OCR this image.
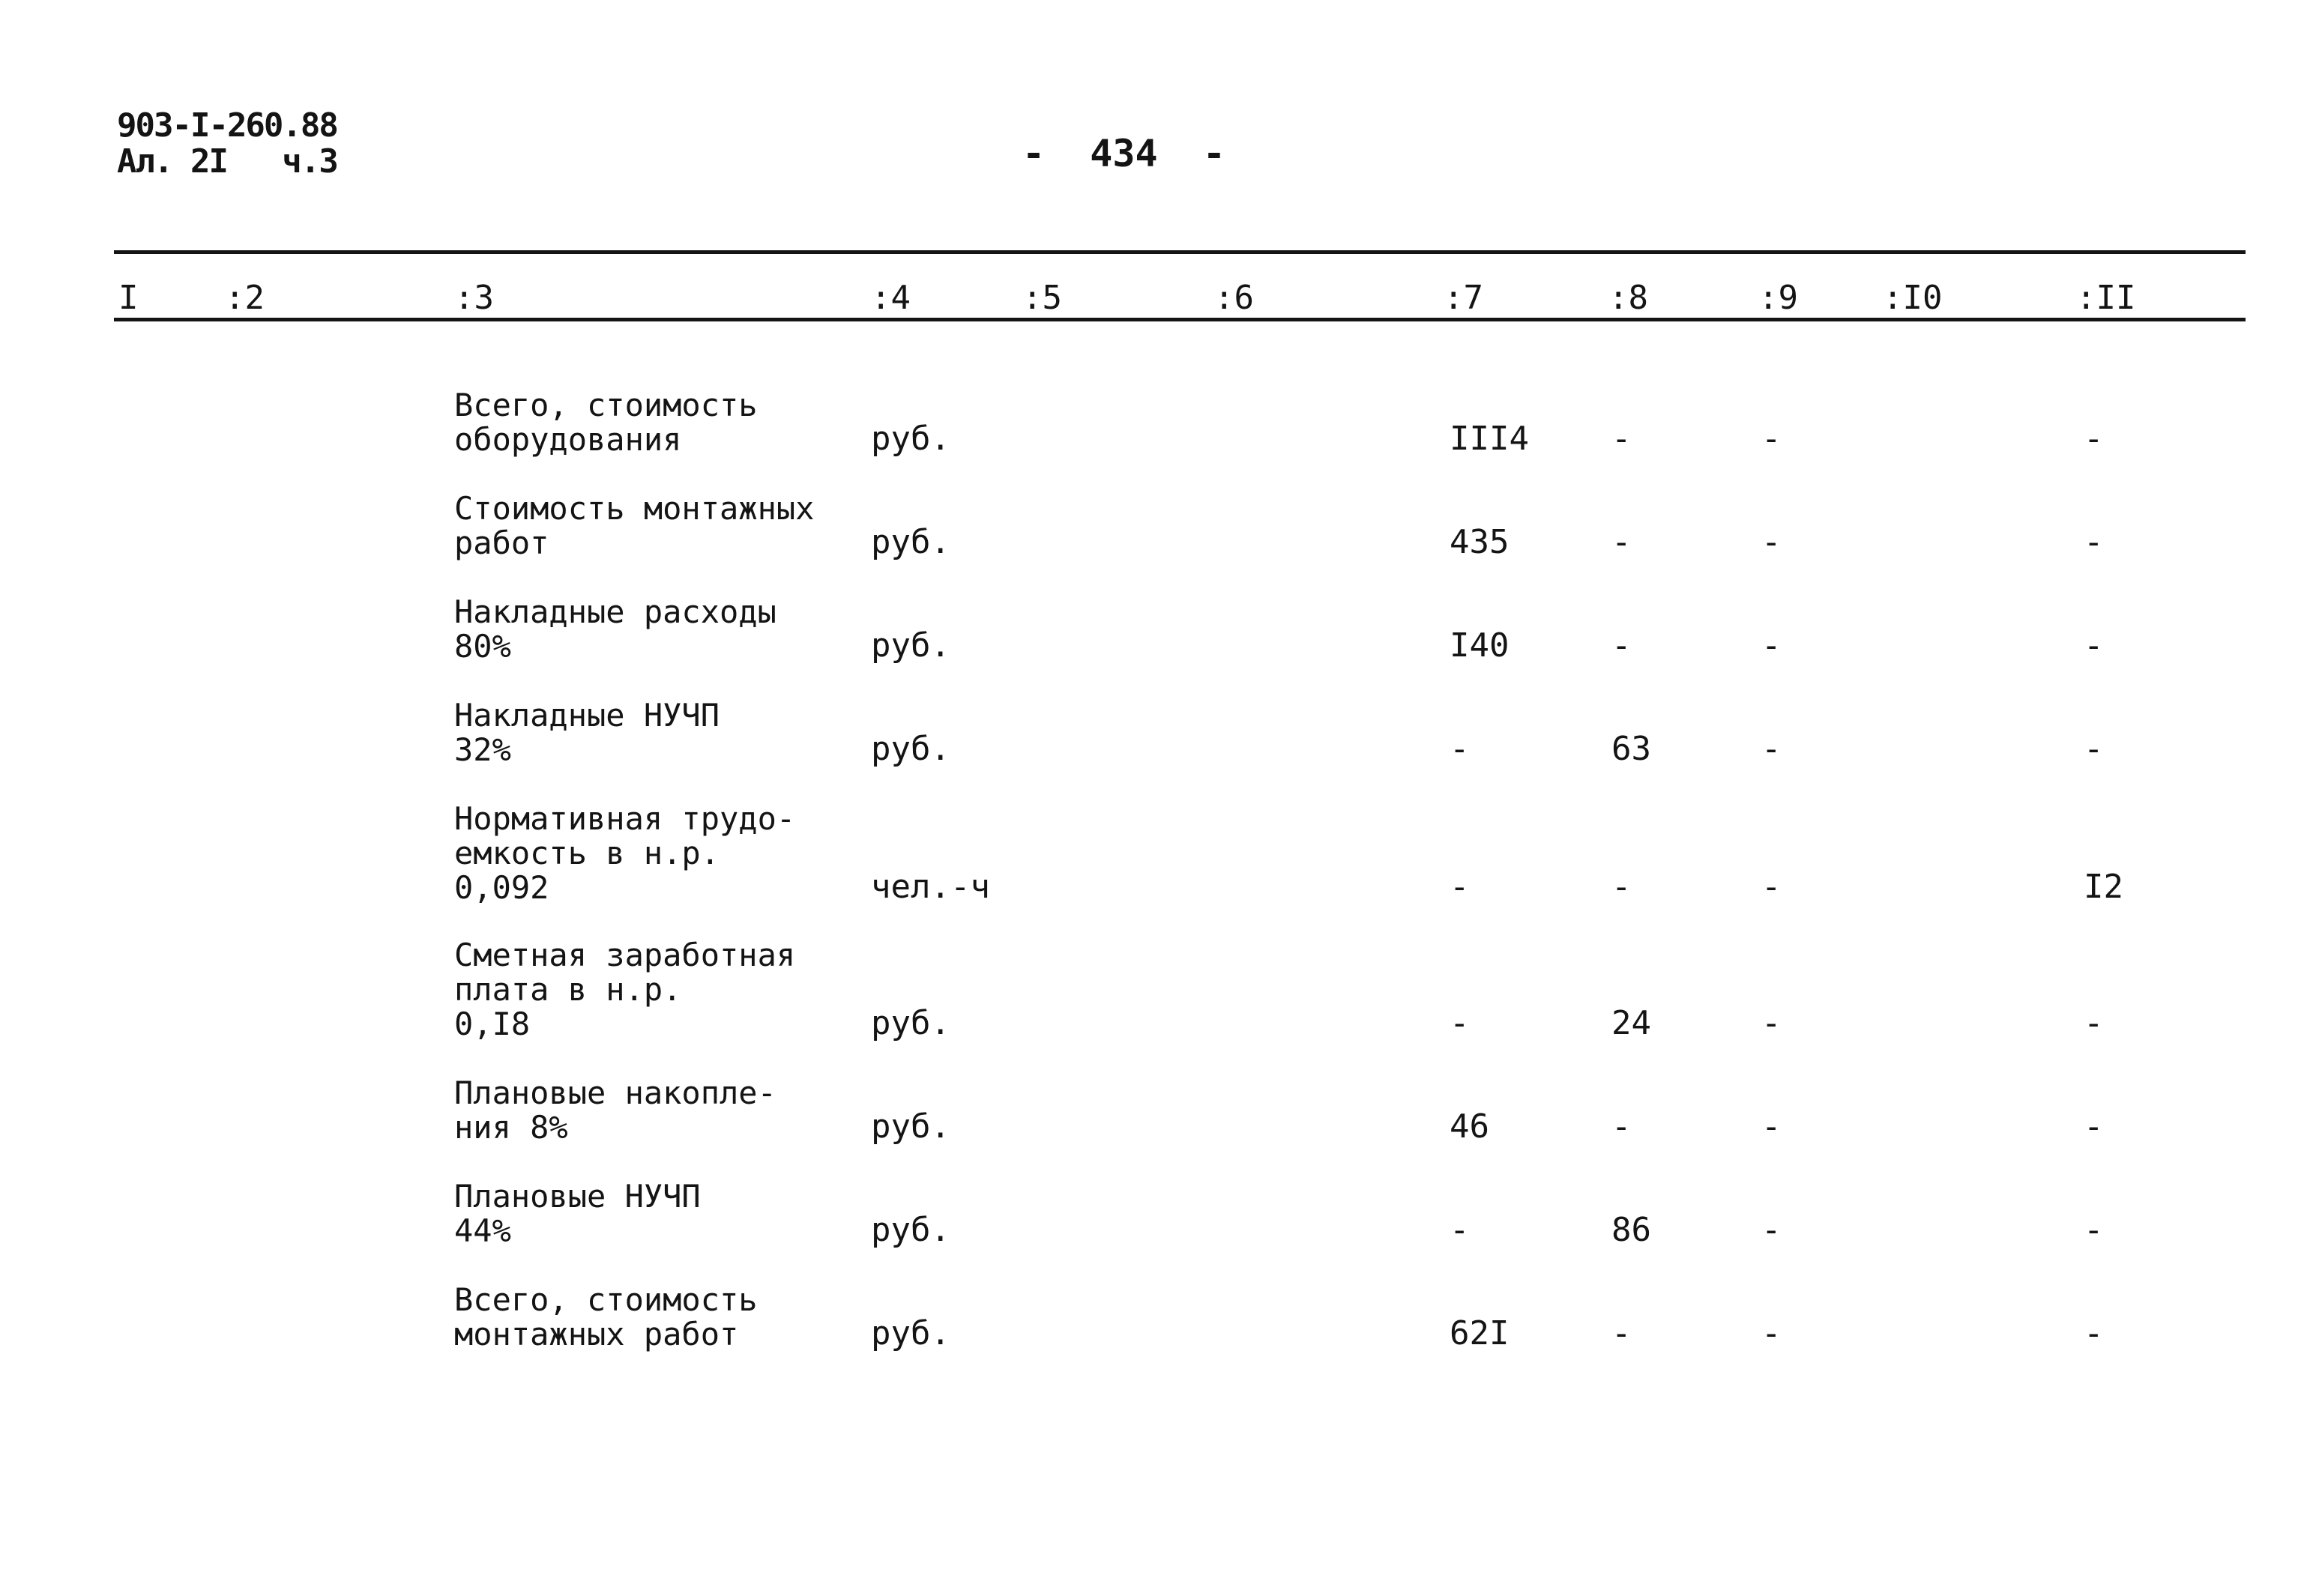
903-I-260.88
Ал. 2I   ч.3	-  434  -
I	:2	:3	:4	:5	:6	:7	:8	:9	:I0	:II
Всего, стоимость
оборудования	руб.	III4	-	-	-
Стоимость монтажных
работ	руб.	435	-	-	-
Накладные расходы
80%	руб.	I40	-	-	-
Накладные НУЧП
32%	руб.	-	63	-	-
Нормативная трудо-
емкость в н.р.
0,092	чел.-ч	-	-	-	I2
Сметная заработная
плата в н.р.
0,I8	руб.	-	24	-	-
Плановые накопле-
ния 8%	руб.	46	-	-	-
Плановые НУЧП
44%	руб.	-	86	-	-
Всего, стоимость
монтажных работ	руб.	62I	-	-	-
